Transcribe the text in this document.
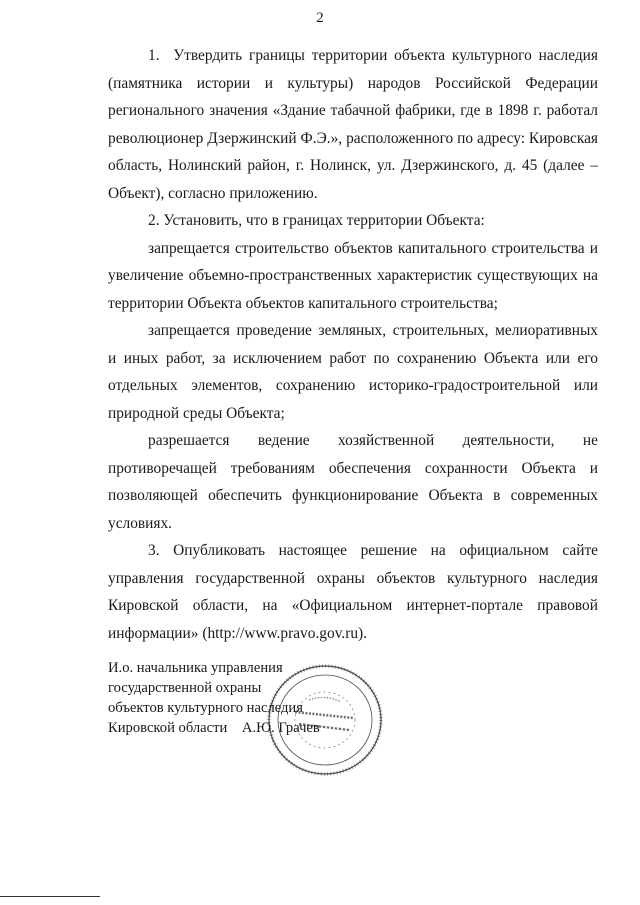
2

1.  Утвердить границы территории объекта культурного наследия (памятника истории и культуры) народов Российской Федерации регионального значения «Здание табачной фабрики, где в 1898 г. работал революционер Дзержинский Ф.Э.», расположенного по адресу: Кировская область, Нолинский район, г. Нолинск, ул. Дзержинского, д. 45 (далее – Объект), согласно приложению.

2. Установить, что в границах территории Объекта:

запрещается строительство объектов капитального строительства и увеличение объемно-пространственных характеристик существующих на территории Объекта объектов капитального строительства;

запрещается проведение земляных, строительных, мелиоративных и иных работ, за исключением работ по сохранению Объекта или его отдельных элементов, сохранению историко-градостроительной или природной среды Объекта;

разрешается ведение хозяйственной деятельности, не противоречащей требованиям обеспечения сохранности Объекта и позволяющей обеспечить функционирование Объекта в современных условиях.

3. Опубликовать настоящее решение на официальном сайте управления государственной охраны объектов культурного наследия Кировской области, на «Официальном интернет-портале правовой информации» (http://www.pravo.gov.ru).

И.о. начальника управления
государственной охраны
объектов культурного наследия
Кировской области    А.Ю. Грачев
